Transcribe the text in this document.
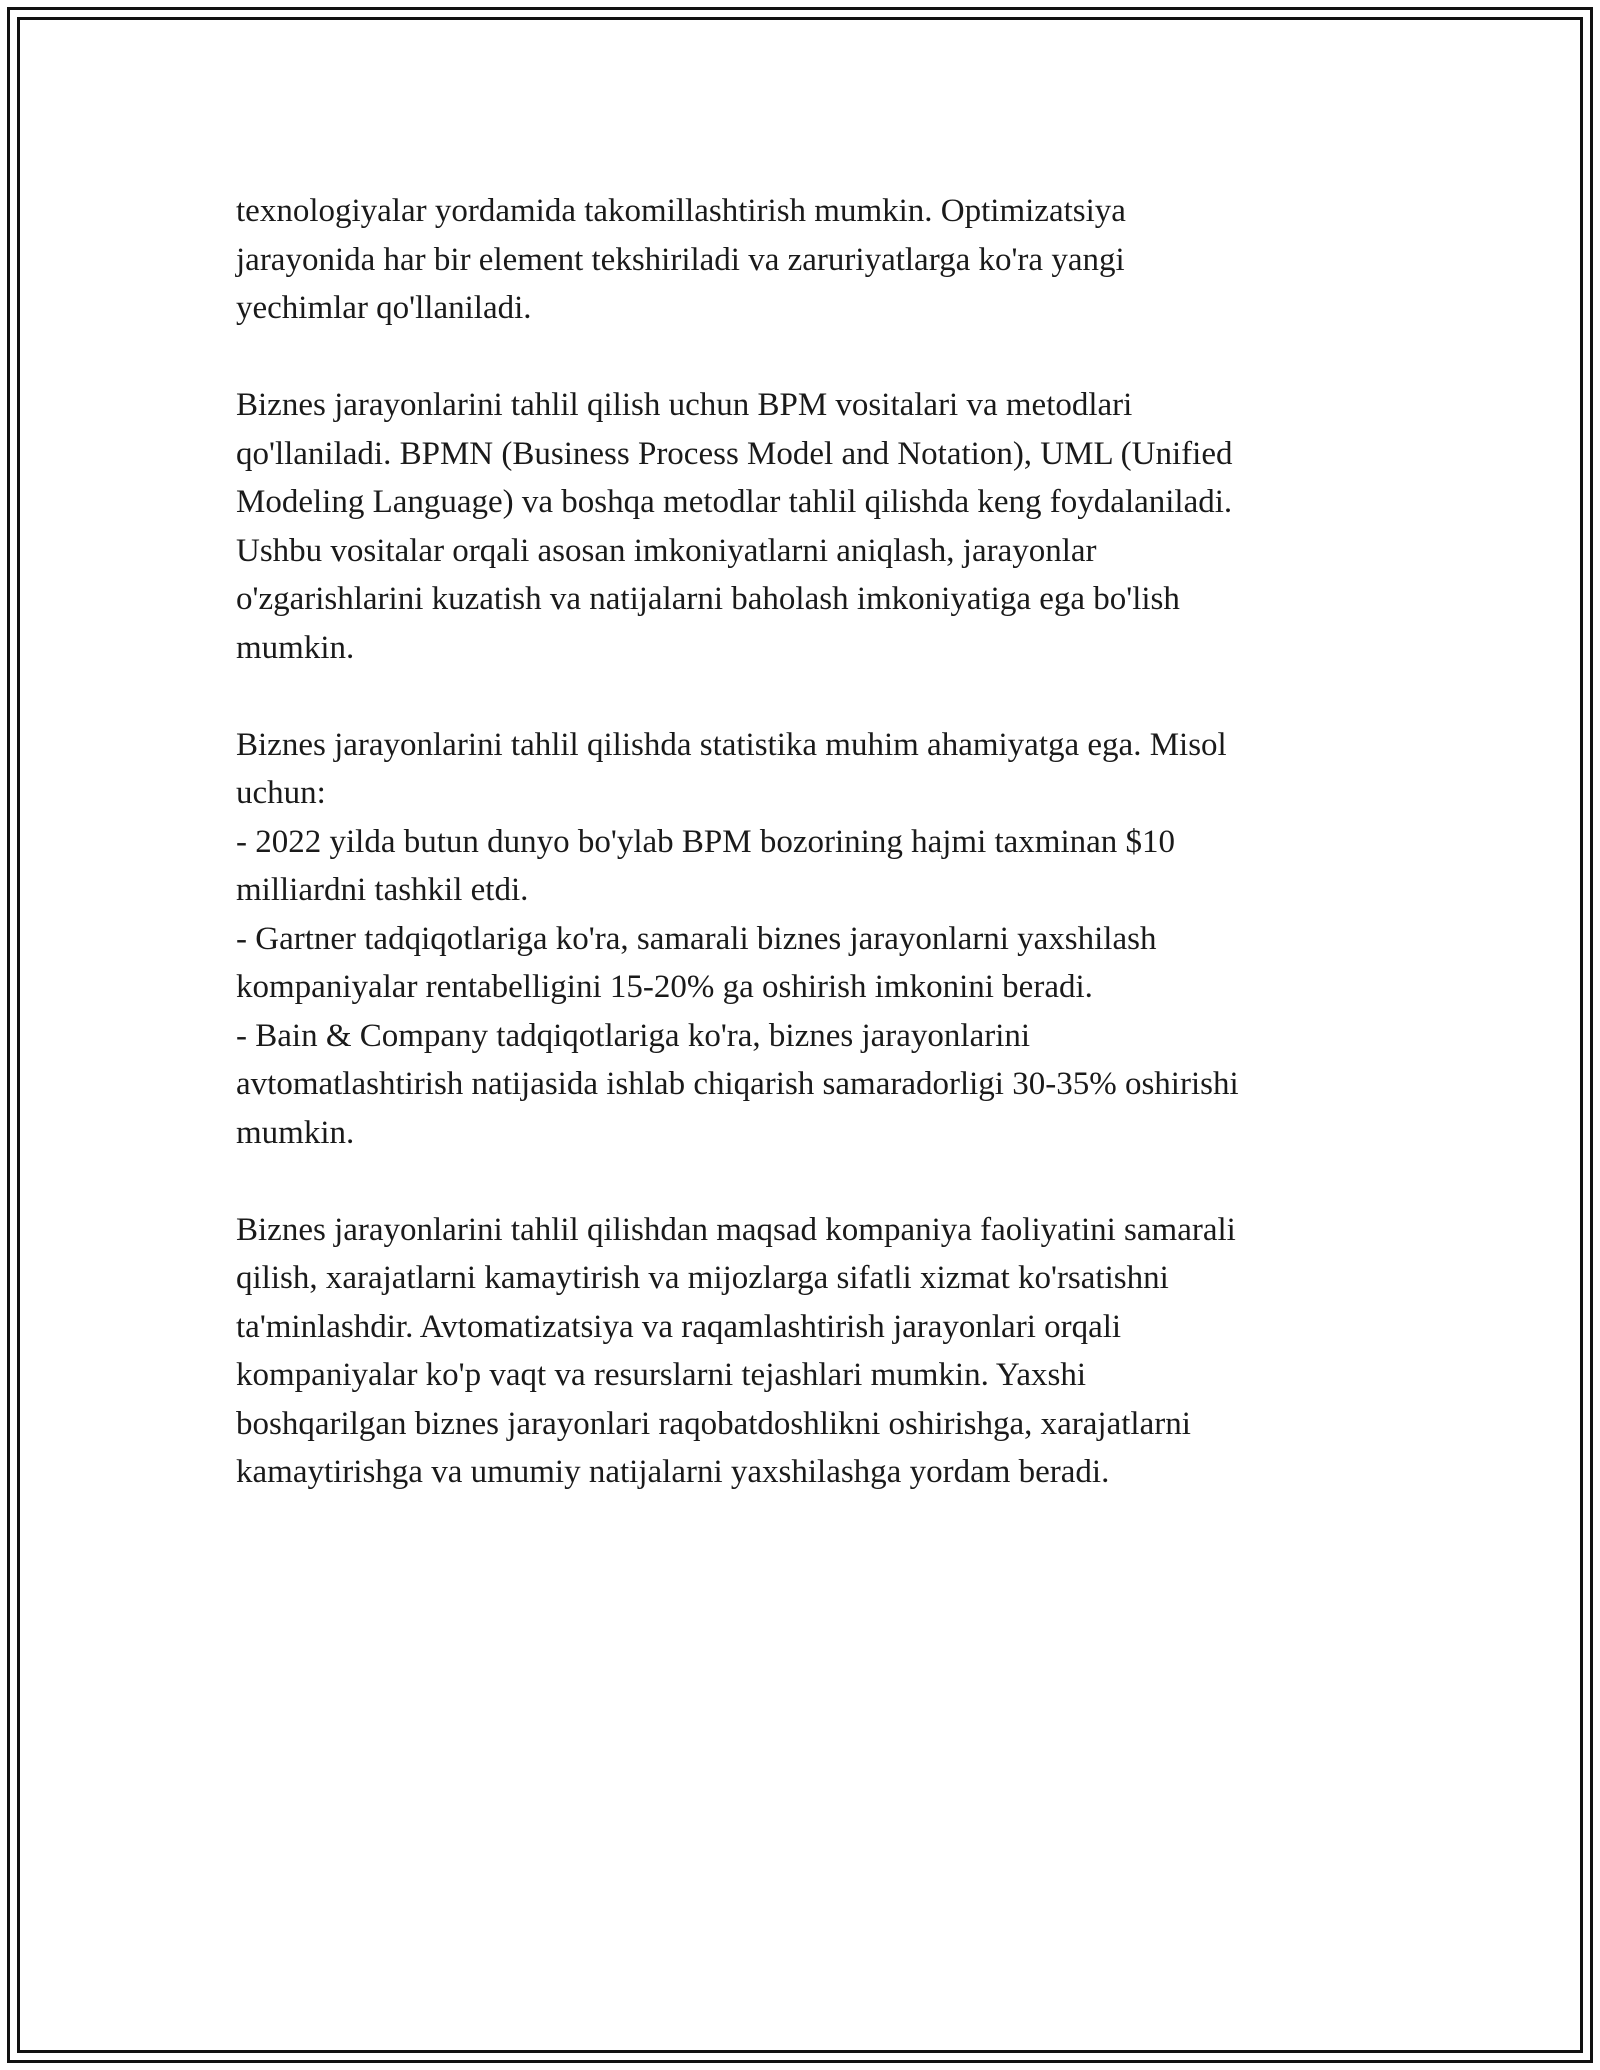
texnologiyalar yordamida takomillashtirish mumkin. Optimizatsiya
jarayonida har bir element tekshiriladi va zaruriyatlarga ko'ra yangi
yechimlar qo'llaniladi.

Biznes jarayonlarini tahlil qilish uchun BPM vositalari va metodlari
qo'llaniladi. BPMN (Business Process Model and Notation), UML (Unified
Modeling Language) va boshqa metodlar tahlil qilishda keng foydalaniladi.
Ushbu vositalar orqali asosan imkoniyatlarni aniqlash, jarayonlar
o'zgarishlarini kuzatish va natijalarni baholash imkoniyatiga ega bo'lish
mumkin.

Biznes jarayonlarini tahlil qilishda statistika muhim ahamiyatga ega. Misol
uchun:
- 2022 yilda butun dunyo bo'ylab BPM bozorining hajmi taxminan $10
milliardni tashkil etdi.
- Gartner tadqiqotlariga ko'ra, samarali biznes jarayonlarni yaxshilash
kompaniyalar rentabelligini 15-20% ga oshirish imkonini beradi.
- Bain & Company tadqiqotlariga ko'ra, biznes jarayonlarini
avtomatlashtirish natijasida ishlab chiqarish samaradorligi 30-35% oshirishi
mumkin.

Biznes jarayonlarini tahlil qilishdan maqsad kompaniya faoliyatini samarali
qilish, xarajatlarni kamaytirish va mijozlarga sifatli xizmat ko'rsatishni
ta'minlashdir. Avtomatizatsiya va raqamlashtirish jarayonlari orqali
kompaniyalar ko'p vaqt va resurslarni tejashlari mumkin. Yaxshi
boshqarilgan biznes jarayonlari raqobatdoshlikni oshirishga, xarajatlarni
kamaytirishga va umumiy natijalarni yaxshilashga yordam beradi.
